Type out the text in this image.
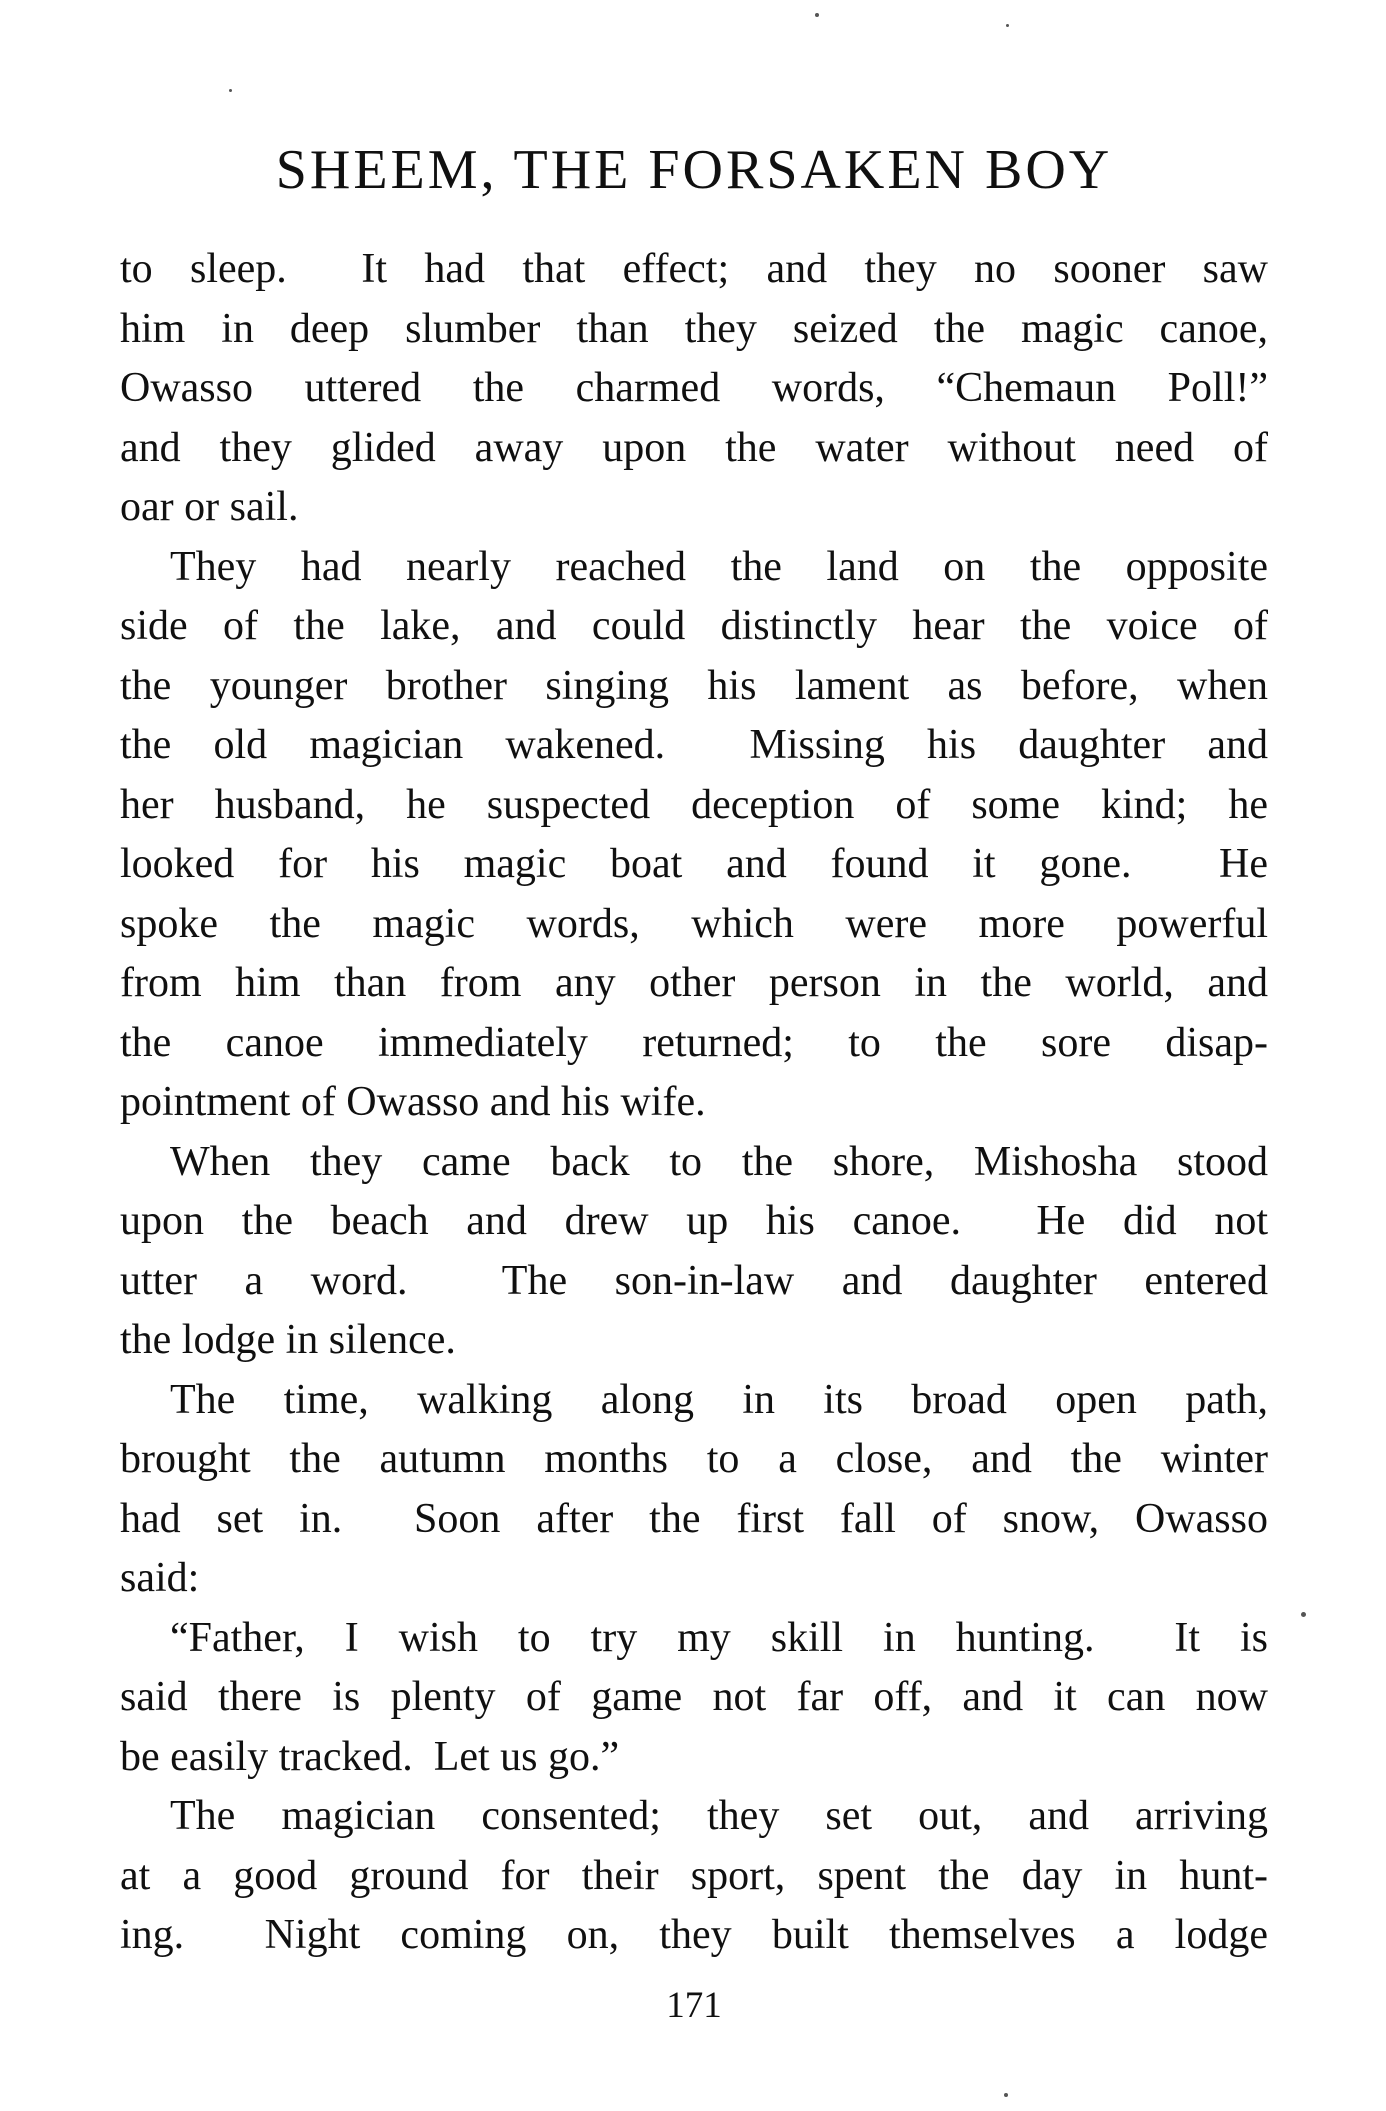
SHEEM, THE FORSAKEN BOY
to sleep.  It had that effect; and they no sooner saw
him in deep slumber than they seized the magic canoe,
Owasso uttered the charmed words, “Chemaun Poll!”
and they glided away upon the water without need of
oar or sail.
They had nearly reached the land on the opposite
side of the lake, and could distinctly hear the voice of
the younger brother singing his lament as before, when
the old magician wakened.  Missing his daughter and
her husband, he suspected deception of some kind; he
looked for his magic boat and found it gone.  He
spoke the magic words, which were more powerful
from him than from any other person in the world, and
the canoe immediately returned; to the sore disap-
pointment of Owasso and his wife.
When they came back to the shore, Mishosha stood
upon the beach and drew up his canoe.  He did not
utter a word.  The son-in-law and daughter entered
the lodge in silence.
The time, walking along in its broad open path,
brought the autumn months to a close, and the winter
had set in.  Soon after the first fall of snow, Owasso
said:
“Father, I wish to try my skill in hunting.  It is
said there is plenty of game not far off, and it can now
be easily tracked.  Let us go.”
The magician consented; they set out, and arriving
at a good ground for their sport, spent the day in hunt-
ing.  Night coming on, they built themselves a lodge
171
